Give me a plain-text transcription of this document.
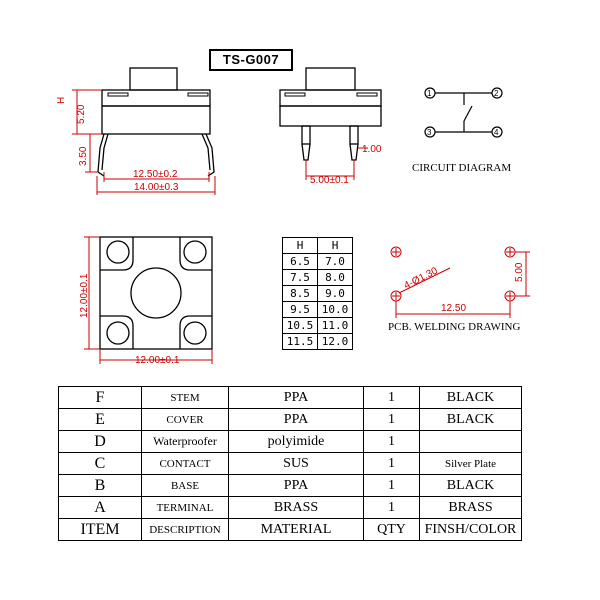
H
5.20
3.50
12.50±0.2
14.00±0.3
1.00
5.00±0.1
1	2
3	4
CIRCUIT DIAGRAM
12.00±0.1
12.00±0.1
4-Ø1.30
12.50
5.00
PCB. WELDING DRAWING
TS-G007
H	H
6.5	7.0
7.5	8.0
8.5	9.0
9.5	10.0
10.5	11.0
11.5	12.0
F	STEM	PPA	1	BLACK
E	COVER	PPA	1	BLACK
D	Waterproofer	polyimide	1	
C	CONTACT	SUS	1	Silver Plate
B	BASE	PPA	1	BLACK
A	TERMINAL	BRASS	1	BRASS
ITEM	DESCRIPTION	MATERIAL	QTY	FINSH/COLOR
